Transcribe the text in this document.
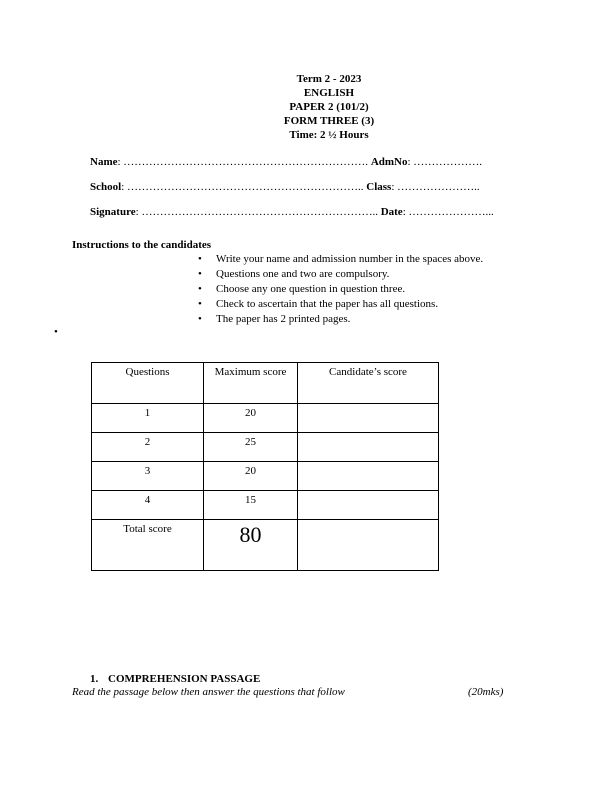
Term 2 - 2023
ENGLISH
PAPER 2 (101/2)
FORM THREE (3)
Time: 2 ½ Hours
Name: …………………………………………………………. AdmNo: ……………….
School: ……………………………………………………….. Class: …………………..
Signature: ……………………………………………………….. Date: …………………...
Instructions to the candidates
• Write your name and admission number in the spaces above.
• Questions one and two are compulsory.
• Choose any one question in question three.
• Check to ascertain that the paper has all questions.
• The paper has 2 printed pages.
•
Questions	Maximum score	Candidate’s score
1	20	
2	25	
3	20	
4	15	
Total score	80	
1. COMPREHENSION PASSAGE
Read the passage below then answer the questions that follow	(20mks)
